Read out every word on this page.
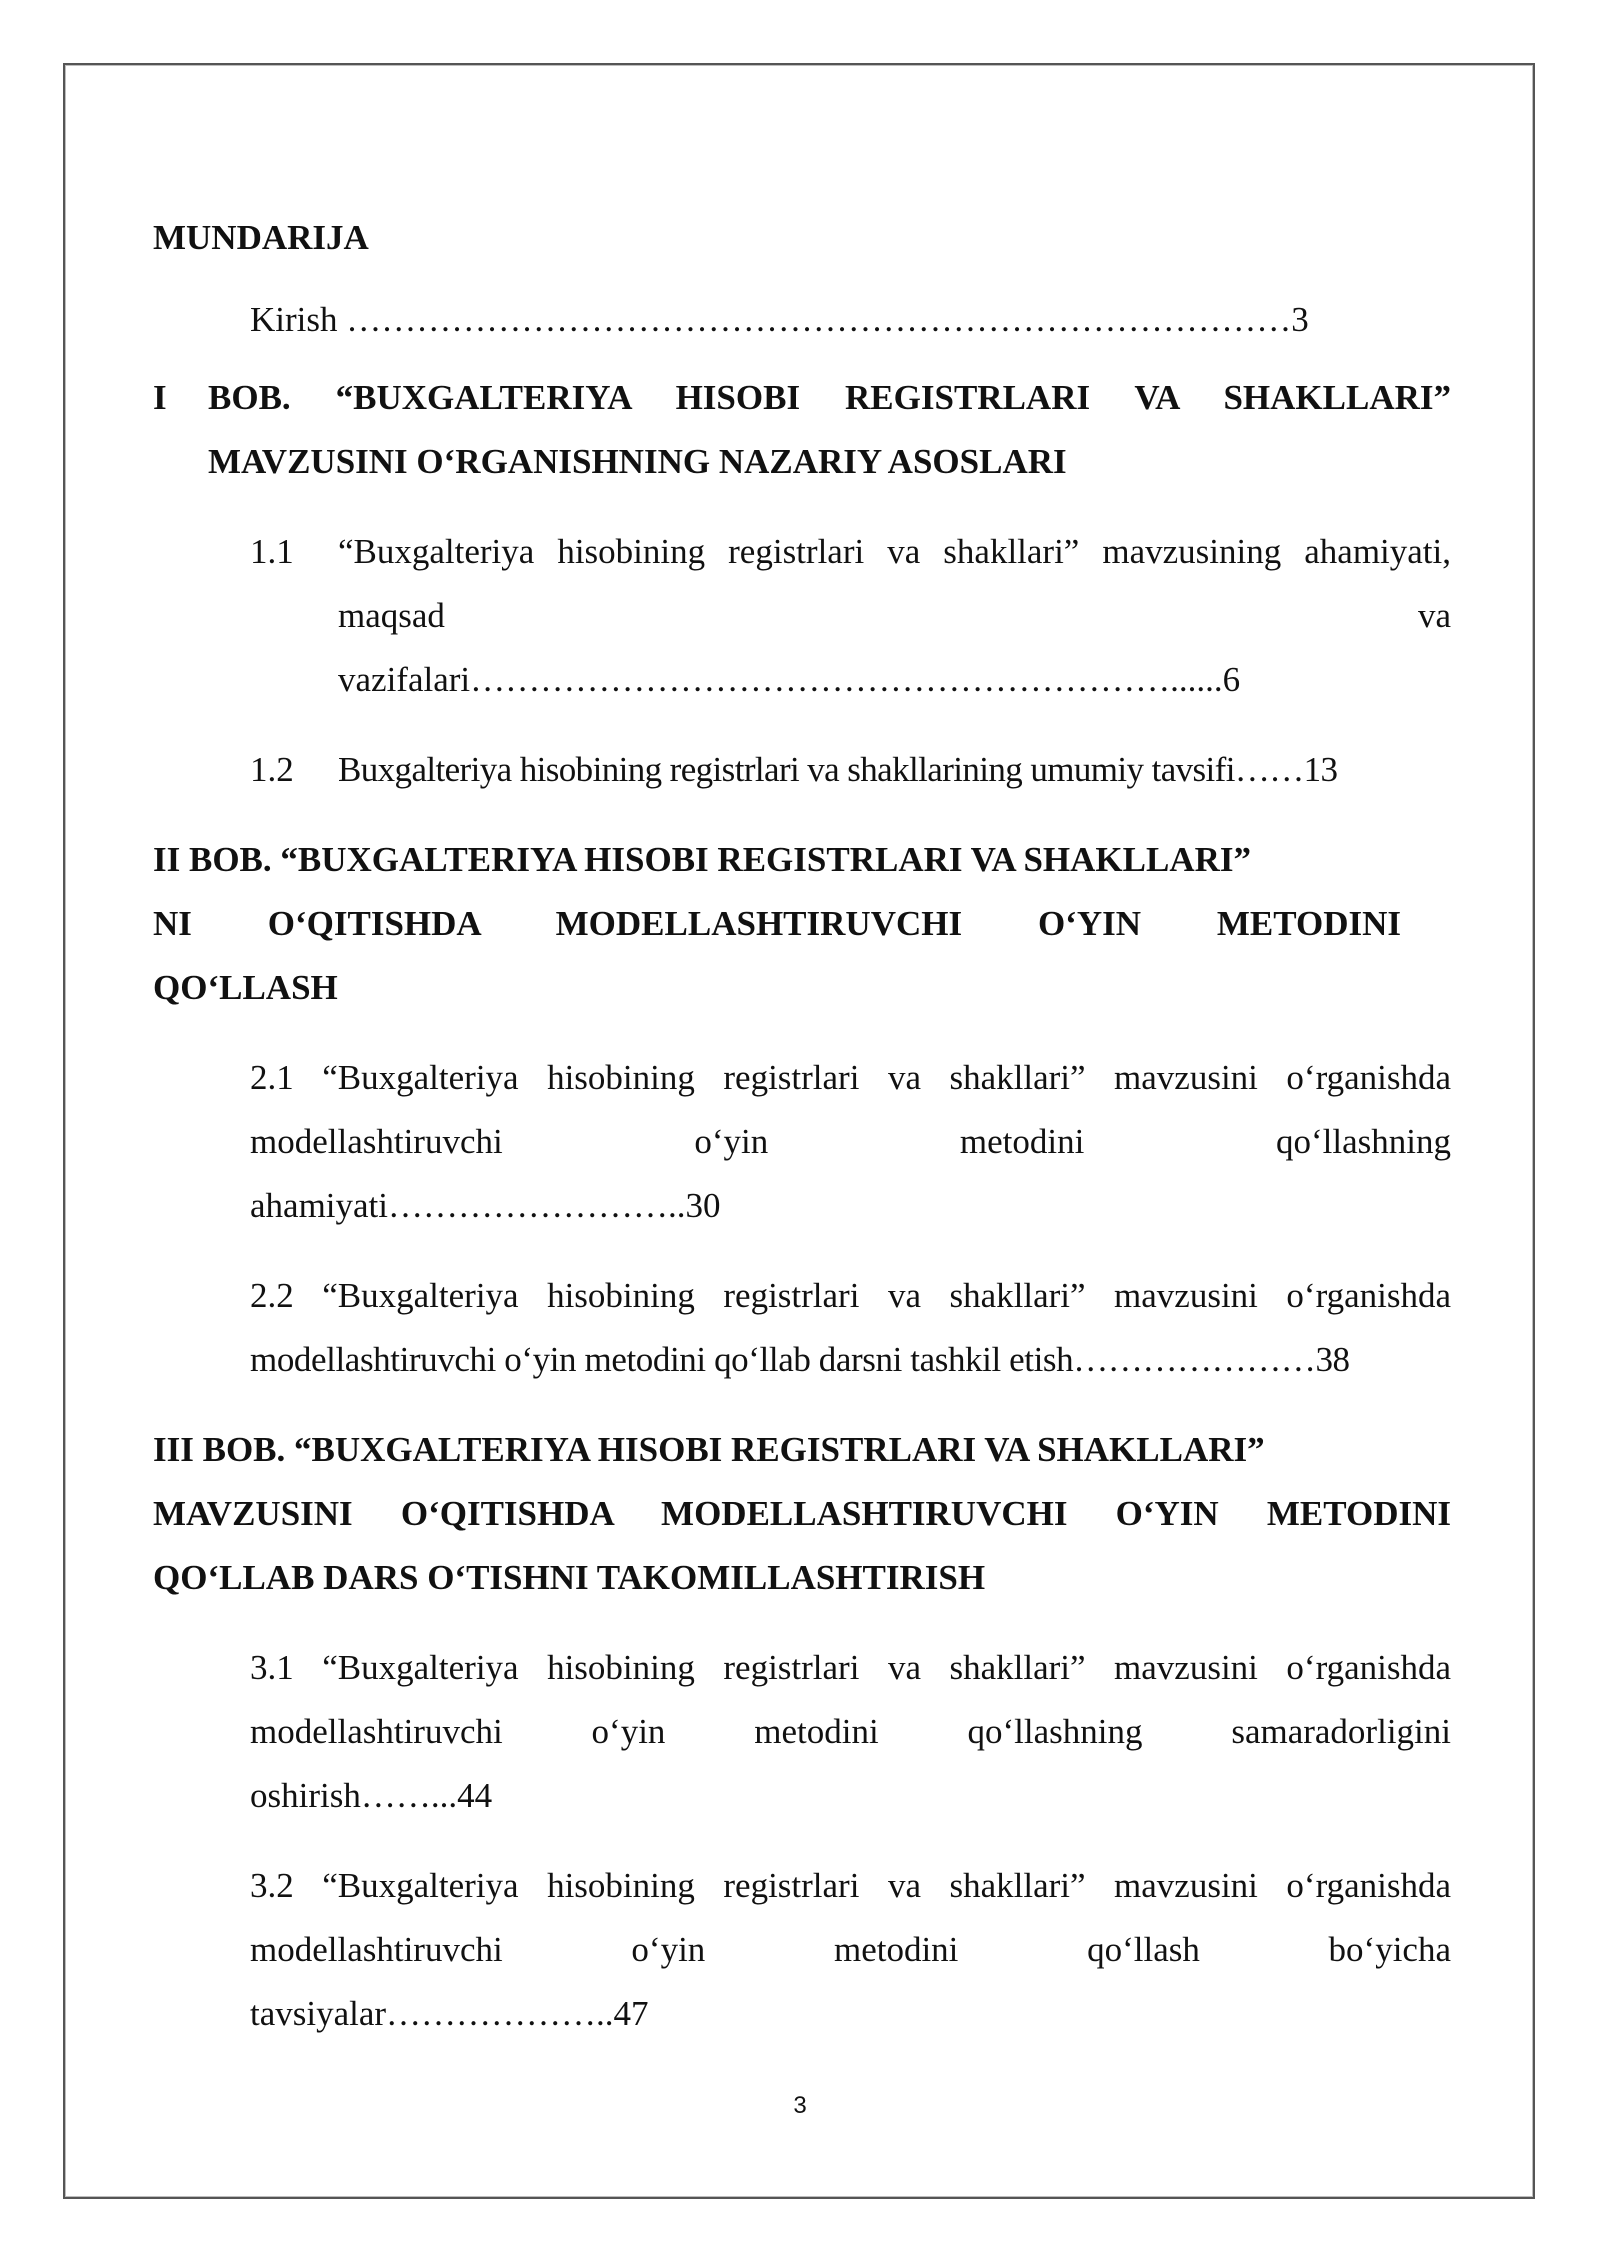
MUNDARIJA

Kirish ………………………………………………………………………3
I	BOB. “BUXGALTERIYA HISOBI REGISTRLARI VA SHAKLLARI”
MAVZUSINI O‘RGANISHNING NAZARIY ASOSLARI
1.1	“Buxgalteriya hisobining registrlari va shakllari” mavzusining ahamiyati,
maqsad	va
vazifalari……………………………………………………......6
1.2	Buxgalteriya hisobining registrlari va shakllarining umumiy tavsifi……13
II BOB. “BUXGALTERIYA HISOBI REGISTRLARI VA SHAKLLARI”
NI O‘QITISHDA MODELLASHTIRUVCHI O‘YIN METODINI
QO‘LLASH
2.1 “Buxgalteriya hisobining registrlari va shakllari” mavzusini o‘rganishda
modellashtiruvchi o‘yin metodini qo‘llashning
ahamiyati……………………..30
2.2 “Buxgalteriya hisobining registrlari va shakllari” mavzusini o‘rganishda
modellashtiruvchi o‘yin metodini qo‘llab darsni tashkil etish…………………38
III BOB. “BUXGALTERIYA HISOBI REGISTRLARI VA SHAKLLARI”
MAVZUSINI O‘QITISHDA MODELLASHTIRUVCHI O‘YIN METODINI
QO‘LLAB DARS O‘TISHNI TAKOMILLASHTIRISH
3.1 “Buxgalteriya hisobining registrlari va shakllari” mavzusini o‘rganishda
modellashtiruvchi o‘yin metodini qo‘llashning samaradorligini
oshirish……...44
3.2 “Buxgalteriya hisobining registrlari va shakllari” mavzusini o‘rganishda
modellashtiruvchi o‘yin metodini qo‘llash bo‘yicha
tavsiyalar………………..47
3
